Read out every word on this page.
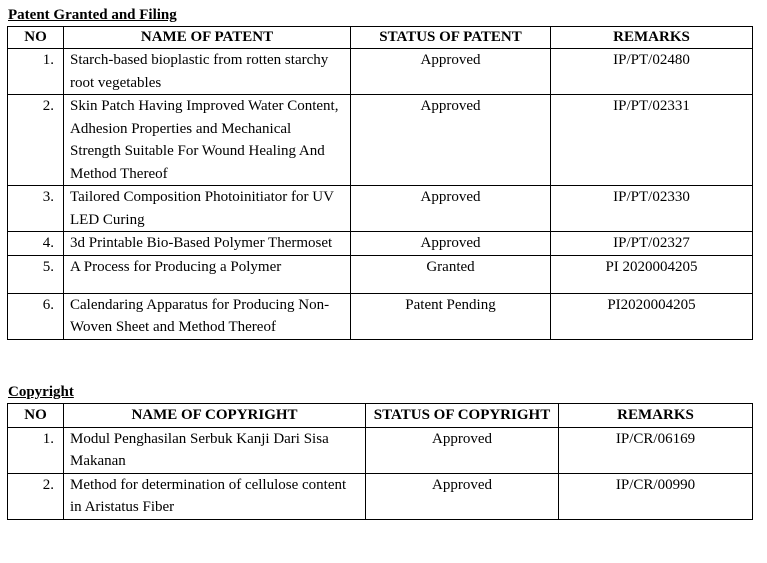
Patent Granted and Filing
NO	NAME OF PATENT	STATUS OF PATENT	REMARKS
1.	Starch-based bioplastic from rotten starchy root vegetables	Approved	IP/PT/02480
2.	Skin Patch Having Improved Water Content, Adhesion Properties and Mechanical Strength Suitable For Wound Healing And Method Thereof	Approved	IP/PT/02331
3.	Tailored Composition Photoinitiator for UV LED Curing	Approved	IP/PT/02330
4.	3d Printable Bio-Based Polymer Thermoset	Approved	IP/PT/02327
5.	A Process for Producing a Polymer	Granted	PI 2020004205
6.	Calendaring Apparatus for Producing Non-Woven Sheet and Method Thereof	Patent Pending	PI2020004205
Copyright
NO	NAME OF COPYRIGHT	STATUS OF COPYRIGHT	REMARKS
1.	Modul Penghasilan Serbuk Kanji Dari Sisa Makanan	Approved	IP/CR/06169
2.	Method for determination of cellulose content in Aristatus Fiber	Approved	IP/CR/00990
